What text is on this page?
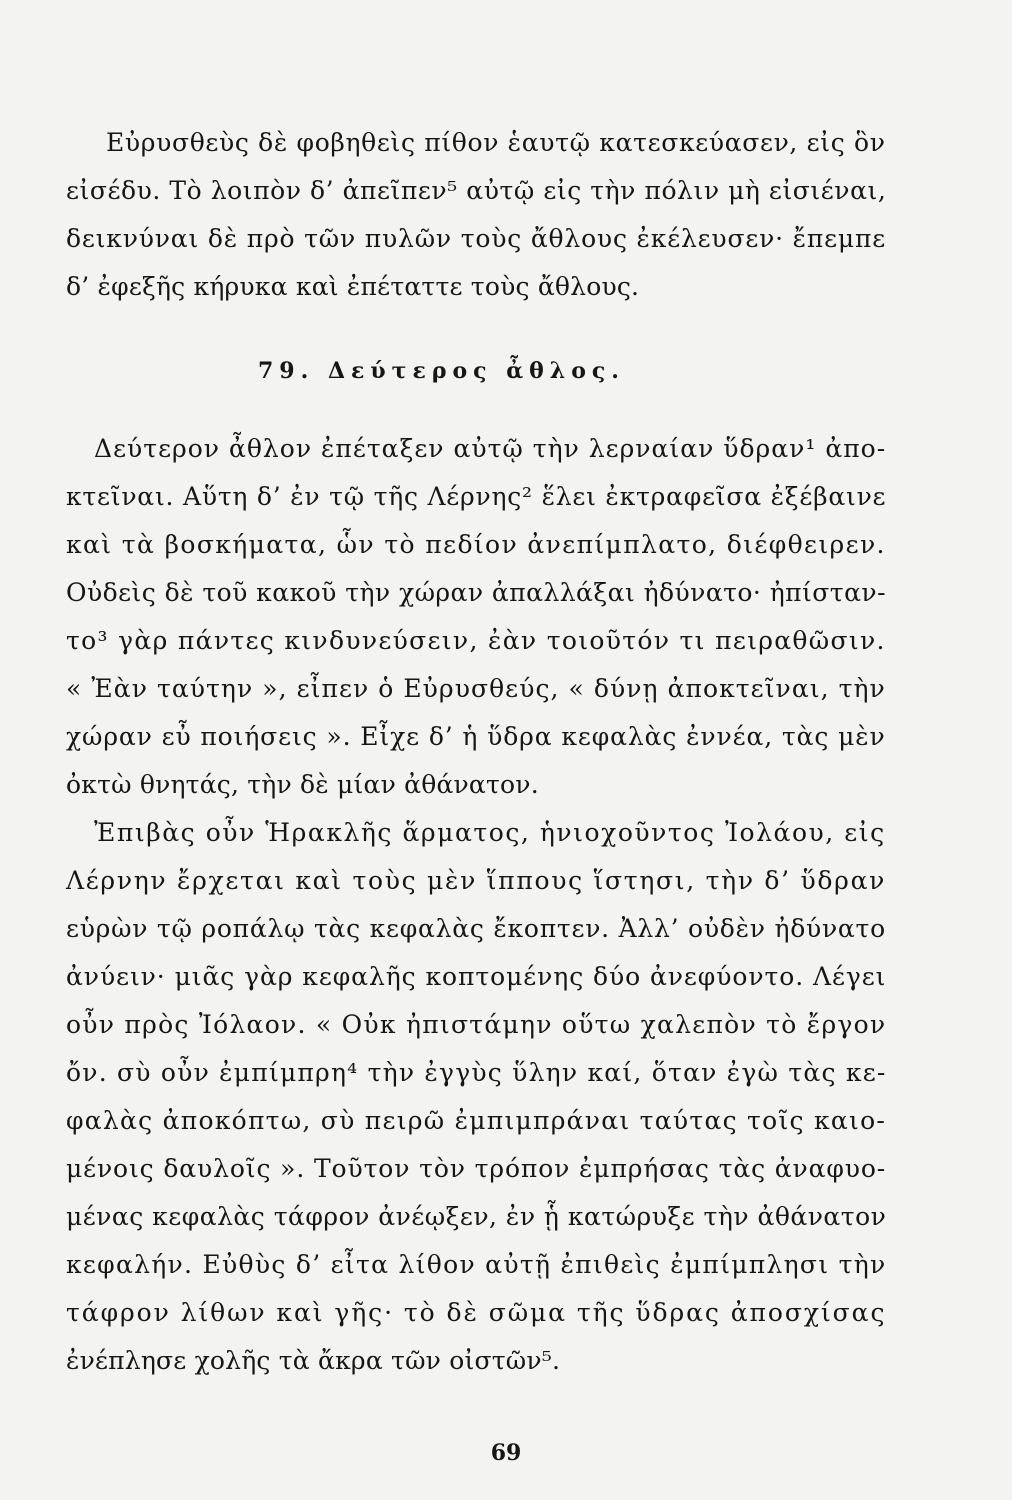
Εὐρυσθεὺς δὲ φοβηθεὶς πίθον ἑαυτῷ κατεσκεύασεν, εἰς ὃν
εἰσέδυ. Τὸ λοιπὸν δ’ ἀπεῖπεν⁵ αὐτῷ εἰς τὴν πόλιν μὴ εἰσιέναι,
δεικνύναι δὲ πρὸ τῶν πυλῶν τοὺς ἄθλους ἐκέλευσεν· ἔπεμπε
δ’ ἐφεξῆς κήρυκα καὶ ἐπέταττε τοὺς ἄθλους.
79. Δεύτερος ἆθλος.
Δεύτερον ἆθλον ἐπέταξεν αὐτῷ τὴν λερναίαν ὕδραν¹ ἀπο-
κτεῖναι. Αὕτη δ’ ἐν τῷ τῆς Λέρνης² ἕλει ἐκτραφεῖσα ἐξέβαινε
καὶ τὰ βοσκήματα, ὧν τὸ πεδίον ἀνεπίμπλατο, διέφθειρεν.
Οὐδεὶς δὲ τοῦ κακοῦ τὴν χώραν ἀπαλλάξαι ἠδύνατο· ἠπίσταν-
το³ γὰρ πάντες κινδυνεύσειν, ἐὰν τοιοῦτόν τι πειραθῶσιν.
« Ἐὰν ταύτην », εἶπεν ὁ Εὐρυσθεύς, « δύνῃ ἀποκτεῖναι, τὴν
χώραν εὖ ποιήσεις ». Εἶχε δ’ ἡ ὕδρα κεφαλὰς ἐννέα, τὰς μὲν
ὀκτὼ θνητάς, τὴν δὲ μίαν ἀθάνατον.
Ἐπιβὰς οὖν Ἡρακλῆς ἅρματος, ἡνιοχοῦντος Ἰολάου, εἰς
Λέρνην ἔρχεται καὶ τοὺς μὲν ἵππους ἵστησι, τὴν δ’ ὕδραν
εὑρὼν τῷ ροπάλῳ τὰς κεφαλὰς ἔκοπτεν. Ἀλλ’ οὐδὲν ἠδύνατο
ἀνύειν· μιᾶς γὰρ κεφαλῆς κοπτομένης δύο ἀνεφύοντο. Λέγει
οὖν πρὸς Ἰόλαον. « Οὐκ ἠπιστάμην οὕτω χαλεπὸν τὸ ἔργον
ὄν. σὺ οὖν ἐμπίμπρη⁴ τὴν ἐγγὺς ὕλην καί, ὅταν ἐγὼ τὰς κε-
φαλὰς ἀποκόπτω, σὺ πειρῶ ἐμπιμπράναι ταύτας τοῖς καιο-
μένοις δαυλοῖς ». Τοῦτον τὸν τρόπον ἐμπρήσας τὰς ἀναφυο-
μένας κεφαλὰς τάφρον ἀνέῳξεν, ἐν ᾗ κατώρυξε τὴν ἀθάνατον
κεφαλήν. Εὐθὺς δ’ εἶτα λίθον αὐτῇ ἐπιθεὶς ἐμπίμπλησι τὴν
τάφρον λίθων καὶ γῆς· τὸ δὲ σῶμα τῆς ὕδρας ἀποσχίσας
ἐνέπλησε χολῆς τὰ ἄκρα τῶν οἰστῶν⁵.
69
